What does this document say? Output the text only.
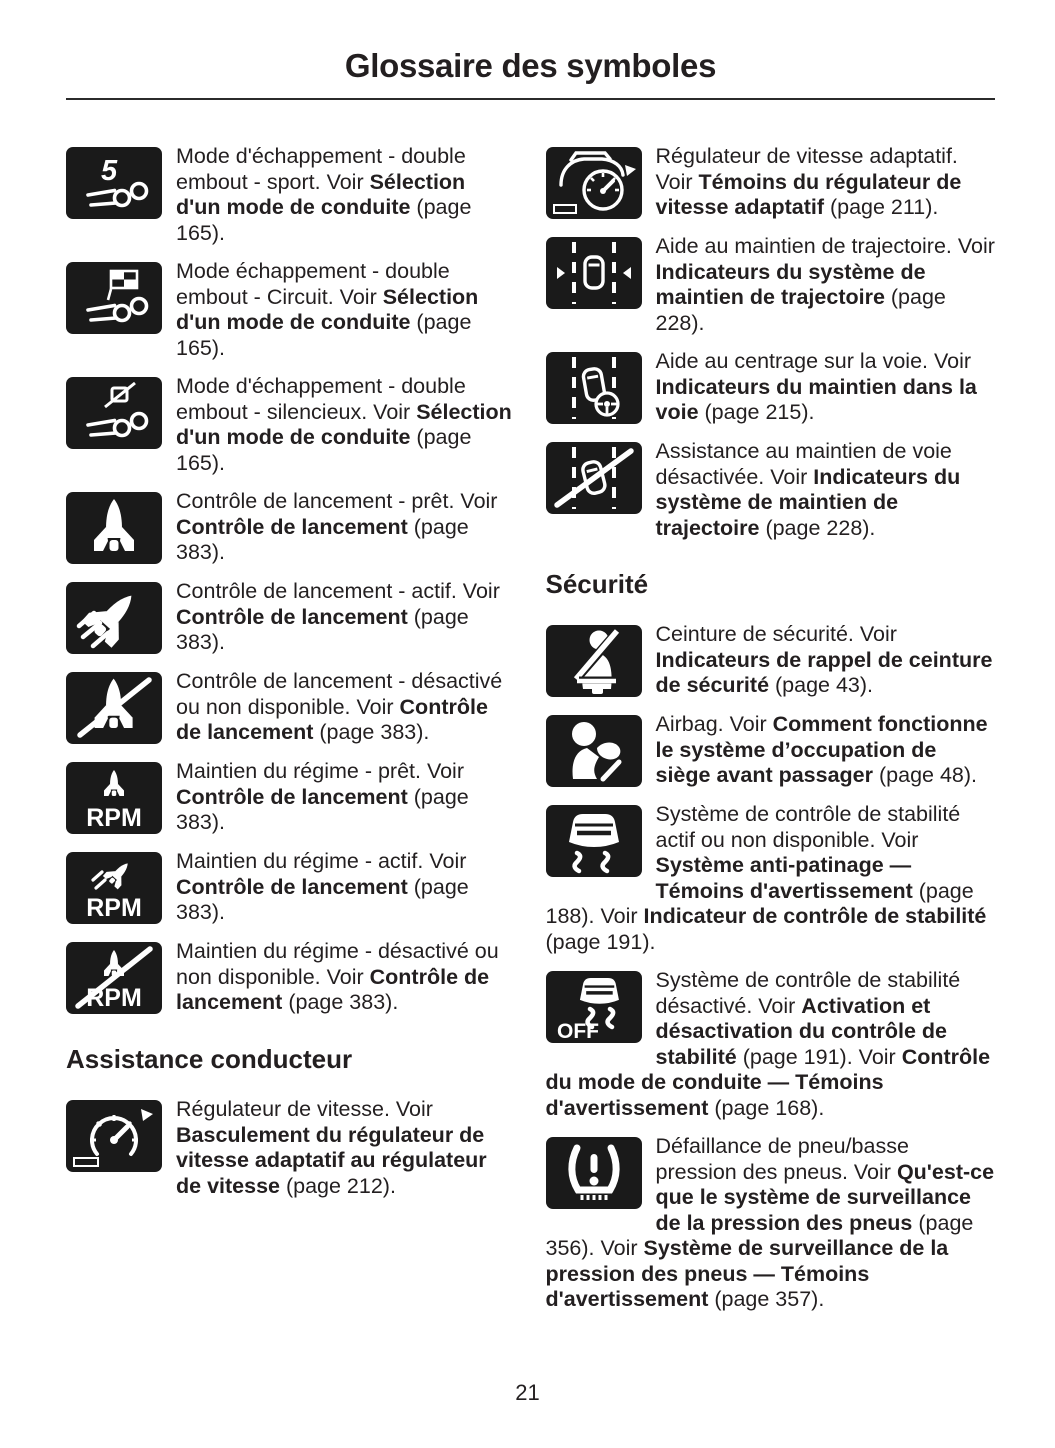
Glossaire des symboles
5	Mode d'échappement - double embout - sport. Voir Sélection d'un mode de conduite (page 165).
Mode échappement - double embout - Circuit. Voir Sélection d'un mode de conduite (page 165).
Mode d'échappement - double embout - silencieux. Voir Sélection d'un mode de conduite (page 165).
Contrôle de lancement - prêt. Voir Contrôle de lancement (page 383).
Contrôle de lancement - actif. Voir Contrôle de lancement (page 383).
Contrôle de lancement - désactivé ou non disponible. Voir Contrôle de lancement (page 383).
RPM
Maintien du régime - prêt. Voir Contrôle de lancement (page 383).
RPM
Maintien du régime - actif. Voir Contrôle de lancement (page 383).
RPM
Maintien du régime - désactivé ou non disponible. Voir Contrôle de lancement (page 383).
Assistance conducteur
Régulateur de vitesse. Voir Basculement du régulateur de vitesse adaptatif au régulateur de vitesse (page 212).
Régulateur de vitesse adaptatif. Voir Témoins du régulateur de vitesse adaptatif (page 211).
Aide au maintien de trajectoire. Voir Indicateurs du système de maintien de trajectoire (page 228).
Aide au centrage sur la voie. Voir Indicateurs du maintien dans la voie (page 215).
Assistance au maintien de voie désactivée. Voir Indicateurs du système de maintien de trajectoire (page 228).
Sécurité
Ceinture de sécurité. Voir Indicateurs de rappel de ceinture de sécurité (page 43).
Airbag. Voir Comment fonctionne le système d’occupation de siège avant passager (page 48).
Système de contrôle de stabilité actif ou non disponible. Voir Système anti-patinage — Témoins d'avertissement (page 188). Voir Indicateur de contrôle de stabilité (page 191).
OFF
Système de contrôle de stabilité désactivé. Voir Activation et désactivation du contrôle de stabilité (page 191). Voir Contrôle du mode de conduite — Témoins d'avertissement (page 168).
Défaillance de pneu/basse pression des pneus. Voir Qu'est-ce que le système de surveillance de la pression des pneus (page 356). Voir Système de surveillance de la pression des pneus — Témoins d'avertissement (page 357).
21
